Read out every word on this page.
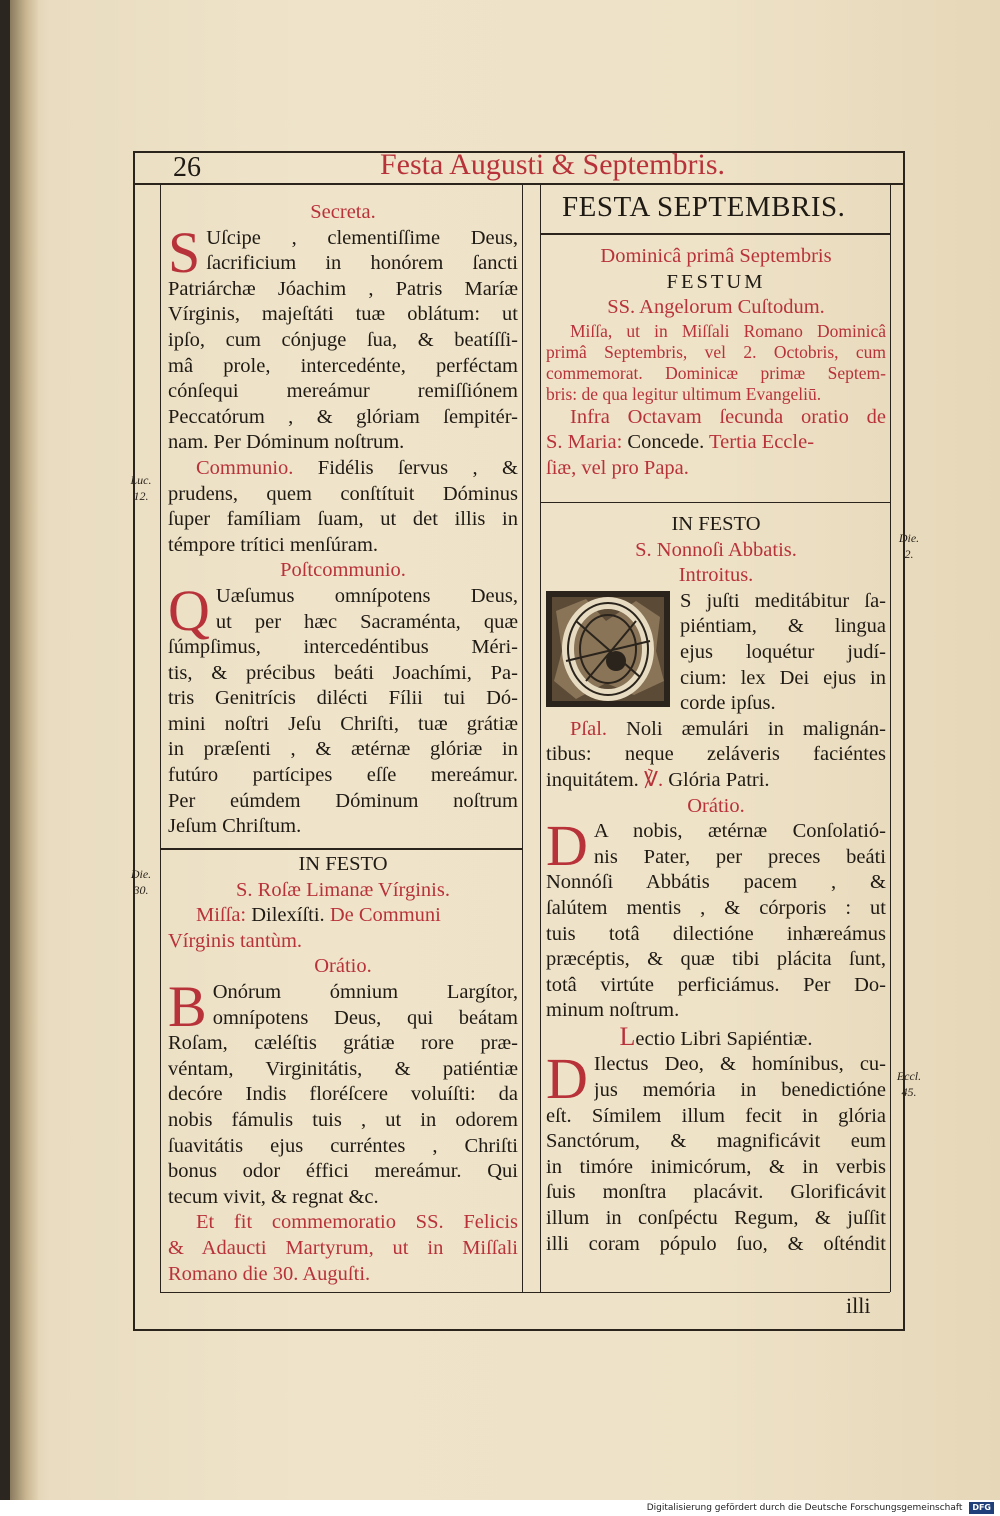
26	Festa Augusti & Septembris.
Luc. 12.
Die. 30.
Die. 2.
Eccl. 45.
Secreta.
S Uſcipe , clementiſſime Deus,
ſacrificium in honórem ſancti
Patriárchæ Jóachim , Patris Maríæ
Vírginis, majeſtáti tuæ oblátum: ut
ipſo, cum cónjuge ſua, & beatíſſi-
mâ prole, intercedénte, perféctam
cónſequi mereámur remiſſiónem
Peccatórum , & glóriam ſempitér-
nam. Per Dóminum noſtrum.
Communio. Fidélis ſervus , &
prudens, quem conſtítuit Dóminus
ſuper famíliam ſuam, ut det illis in
témpore trítici menſúram.
Poſtcommunio.
Q Uæſumus omnípotens Deus,
ut per hæc Sacraménta, quæ
ſúmpſimus, intercedéntibus Méri-
tis, & précibus beáti Joachími, Pa-
tris Genitrícis dilécti Fílii tui Dó-
mini noſtri Jeſu Chriſti, tuæ grátiæ
in præſenti , & ætérnæ glóriæ in
futúro partícipes eſſe mereámur.
Per eúmdem Dóminum noſtrum
Jeſum Chriſtum.
IN FESTO
S. Roſæ Limanæ Vírginis.
Miſſa: Dilexíſti. De Communi
Vírginis tantùm.
Orátio.
B Onórum ómnium Largítor,
omnípotens Deus, qui beátam
Roſam, cæléſtis grátiæ rore præ-
véntam, Virginitátis, & patiéntiæ
decóre Indis floréſcere voluíſti: da
nobis fámulis tuis , ut in odorem
ſuavitátis ejus curréntes , Chriſti
bonus odor éffici mereámur. Qui
tecum vivit, & regnat &c.
Et fit commemoratio SS. Felicis
& Adaucti Martyrum, ut in Miſſali
Romano die 30. Auguſti.
FESTA SEPTEMBRIS.
Dominicâ primâ Septembris
FESTUM
SS. Angelorum Cuſtodum.
Miſſa, ut in Miſſali Romano Dominicâ
primâ Septembris, vel 2. Octobris, cum
commemorat. Dominicæ primæ Septem-
bris: de qua legitur ultimum Evangeliū.
Infra Octavam ſecunda oratio de
S. Maria: Concede. Tertia Eccle-
ſiæ, vel pro Papa.
IN FESTO
S. Nonnoſi Abbatis.
Introitus.
S juſti meditábitur ſa-
piéntiam, & lingua
ejus loquétur judí-
cium: lex Dei ejus in
corde ipſus.
Pſal. Noli æmulári in malignán-
tibus: neque zeláveris faciéntes
inquitátem. ℣. Glória Patri.
Orátio.
D A nobis, ætérnæ Conſolatió-
nis Pater, per preces beáti
Nonnóſi Abbátis pacem , &
ſalútem mentis , & córporis : ut
tuis totâ dilectióne inhæreámus
præcéptis, & quæ tibi plácita ſunt,
totâ virtúte perficiámus. Per Do-
minum noſtrum.
Lectio Libri Sapiéntiæ.
D Ilectus Deo, & homínibus, cu-
jus memória in benedictióne
eſt. Símilem illum fecit in glória
Sanctórum, & magnificávit eum
in timóre inimicórum, & in verbis
ſuis monſtra placávit. Glorificávit
illum in conſpéctu Regum, & juſſit
illi coram pópulo ſuo, & oſténdit
illi
Digitalisierung gefördert durch die Deutsche Forschungsgemeinschaft DFG
